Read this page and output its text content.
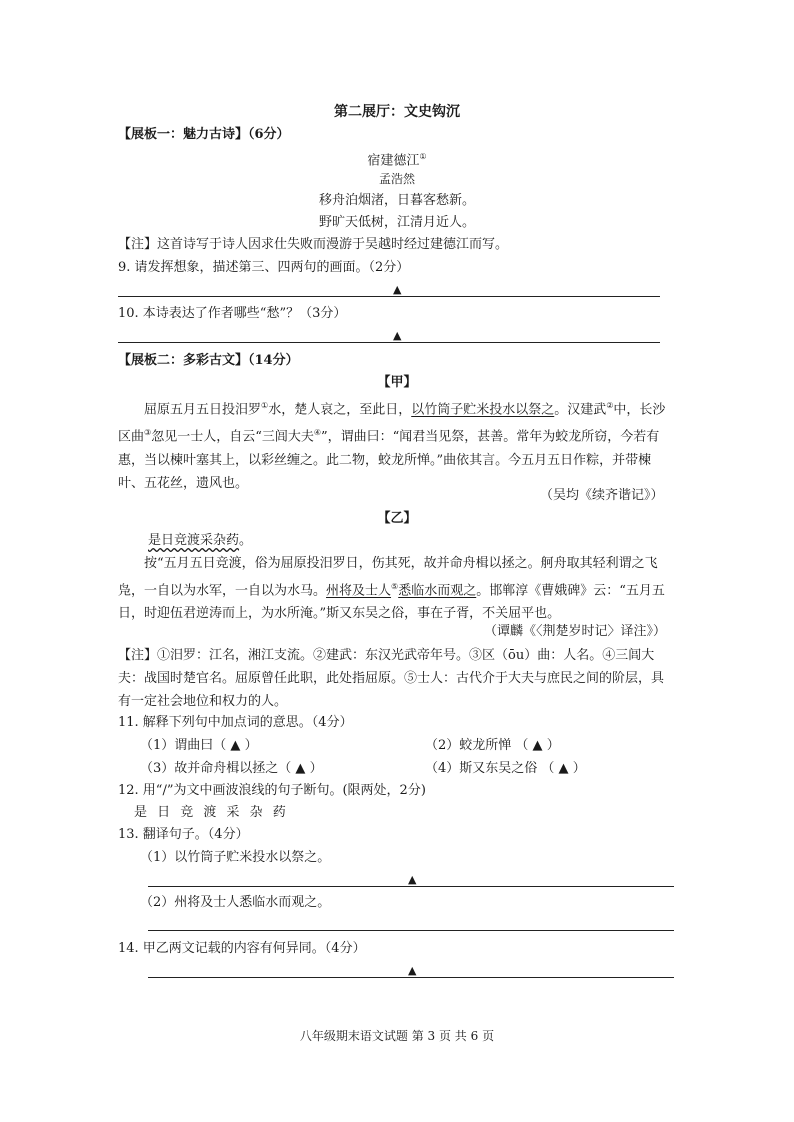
第二展厅：文史钩沉
【展板一：魅力古诗】（6分）
宿建德江①
孟浩然
移舟泊烟渚，日暮客愁新。
野旷天低树，江清月近人。
【注】这首诗写于诗人因求仕失败而漫游于吴越时经过建德江而写。
9. 请发挥想象，描述第三、四两句的画面。（2分）
▲
10. 本诗表达了作者哪些“愁”？（3分）
▲
【展板二：多彩古文】（14分）
【甲】
屈原五月五日投汨罗①水，楚人哀之，至此日，以竹筒子贮米投水以祭之。汉建武②中，长沙区曲③忽见一士人，自云“三闾大夫④”，谓曲曰：“闻君当见祭，甚善。常年为蛟龙所窃，今若有惠，当以楝叶塞其上，以彩丝缠之。此二物，蛟龙所惮。”曲依其言。今五月五日作粽，并带楝叶、五花丝，遗风也。
（吴均《续齐谐记》）
【乙】
是日竞渡采杂药。
按“五月五日竞渡，俗为屈原投汨罗日，伤其死，故并命舟楫以拯之。舸舟取其轻利谓之飞凫，一自以为水军，一自以为水马。州将及士人⑤悉临水而观之。邯郸淳《曹娥碑》云：“五月五日，时迎伍君逆涛而上，为水所淹。”斯又东吴之俗，事在子胥，不关屈平也。
（谭麟《〈荆楚岁时记〉译注》）
【注】①汨罗：江名，湘江支流。②建武：东汉光武帝年号。③区（ōu）曲：人名。④三闾大夫：战国时楚官名。屈原曾任此职，此处指屈原。⑤士人：古代介于大夫与庶民之间的阶层，具有一定社会地位和权力的人。
11. 解释下列句中加点词的意思。（4分）
（1）谓曲曰（ ▲ ）	（2）蛟龙所惮 （ ▲ ）
（3）故并命舟楫以拯之（ ▲ ）	（4）斯又东吴之俗 （ ▲ ）
12. 用“/”为文中画波浪线的句子断句。(限两处，2分)
是 日 竞 渡 采 杂 药
13. 翻译句子。（4分）
（1）以竹筒子贮米投水以祭之。
▲
（2）州将及士人悉临水而观之。
14. 甲乙两文记载的内容有何异同。（4分）
▲
八年级期末语文试题 第 3 页 共 6 页
